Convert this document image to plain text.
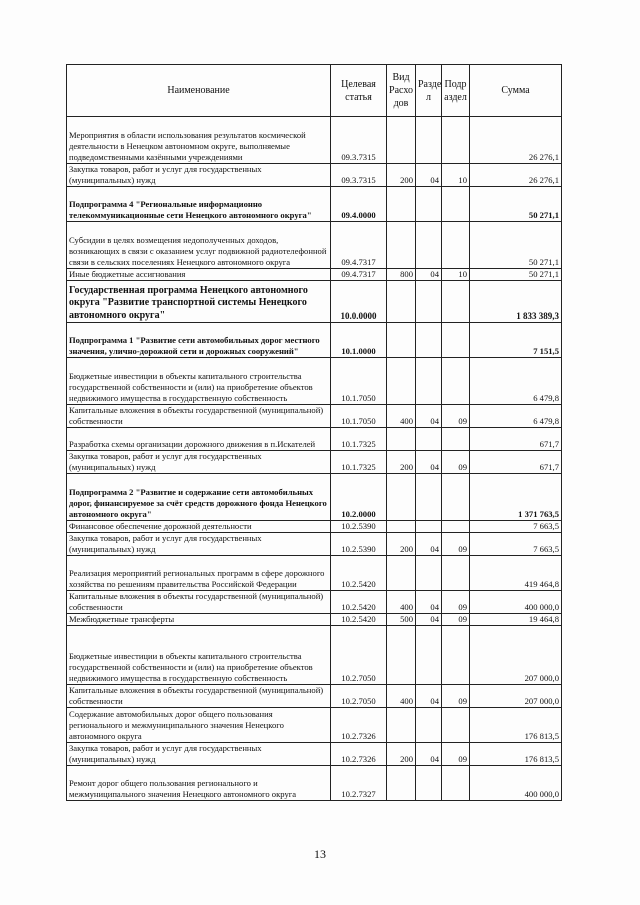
Наименование	Целевая статья	Вид Расхо дов	Разде л	Подр аздел	Сумма
Мероприятия в области использования результатов космической деятельности в Ненецком автономном округе, выполняемые подведомственными казёнными учреждениями	09.3.7315				26 276,1
Закупка товаров, работ и услуг для государственных (муниципальных) нужд	09.3.7315	200	04	10	26 276,1
Подпрограмма 4 "Региональные информационно телекоммуникационные сети Ненецкого автономного округа"	09.4.0000				50 271,1
Субсидии в целях возмещения недополученных доходов, возникающих в связи с оказанием услуг подвижной радиотелефонной связи в сельских поселениях Ненецкого автономного округа	09.4.7317				50 271,1
Иные бюджетные ассигнования	09.4.7317	800	04	10	50 271,1
Государственная программа Ненецкого автономного округа "Развитие транспортной системы Ненецкого автономного округа"	10.0.0000				1 833 389,3
Подпрограмма 1 "Развитие сети автомобильных дорог местного значения, улично-дорожной сети и дорожных сооружений"	10.1.0000				7 151,5
Бюджетные инвестиции в объекты капитального строительства государственной собственности и (или) на приобретение объектов недвижимого имущества в государственную собственность	10.1.7050				6 479,8
Капитальные вложения в объекты государственной (муниципальной) собственности	10.1.7050	400	04	09	6 479,8
Разработка схемы организации дорожного движения в п.Искателей	10.1.7325				671,7
Закупка товаров, работ и услуг для государственных (муниципальных) нужд	10.1.7325	200	04	09	671,7
Подпрограмма 2 "Развитие и содержание сети автомобильных дорог, финансируемое за счёт средств дорожного фонда Ненецкого автономного округа"	10.2.0000				1 371 763,5
Финансовое обеспечение дорожной деятельности	10.2.5390				7 663,5
Закупка товаров, работ и услуг для государственных (муниципальных) нужд	10.2.5390	200	04	09	7 663,5
Реализация мероприятий региональных программ в сфере дорожного хозяйства по решениям правительства Российской Федерации	10.2.5420				419 464,8
Капитальные вложения в объекты государственной (муниципальной) собственности	10.2.5420	400	04	09	400 000,0
Межбюджетные трансферты	10.2.5420	500	04	09	19 464,8
Бюджетные инвестиции в объекты капитального строительства государственной собственности и (или) на приобретение объектов недвижимого имущества в государственную собственность	10.2.7050				207 000,0
Капитальные вложения в объекты государственной (муниципальной) собственности	10.2.7050	400	04	09	207 000,0
Содержание автомобильных дорог общего пользования регионального и межмуниципального значения Ненецкого автономного округа	10.2.7326				176 813,5
Закупка товаров, работ и услуг для государственных (муниципальных) нужд	10.2.7326	200	04	09	176 813,5
Ремонт дорог общего пользования регионального и межмуниципального значения Ненецкого автономного округа	10.2.7327				400 000,0
13
